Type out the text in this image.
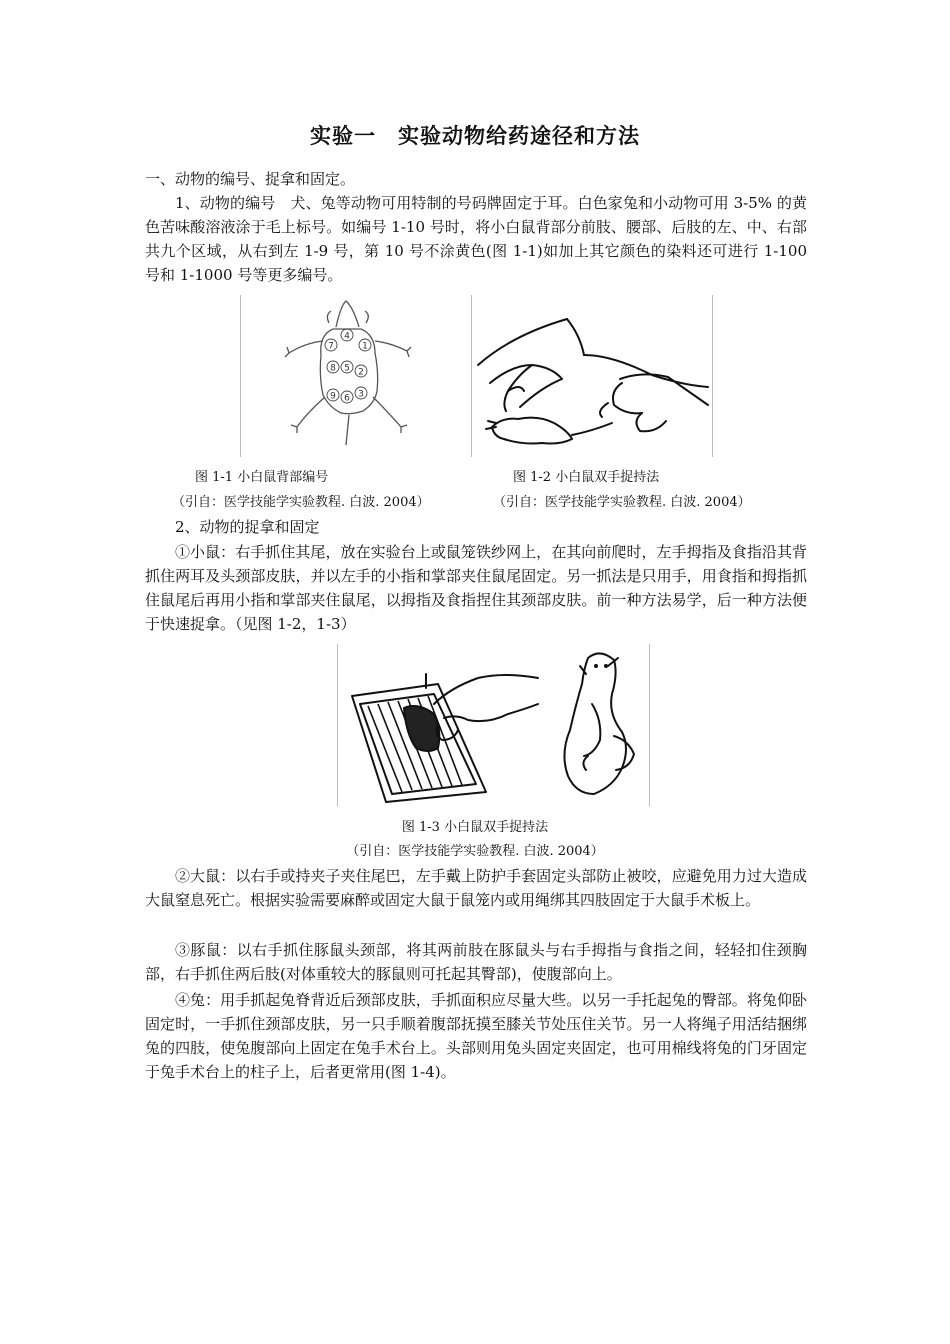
实验一　实验动物给药途径和方法

一、动物的编号、捉拿和固定。

1、动物的编号　犬、兔等动物可用特制的号码牌固定于耳。白色家兔和小动物可用 3-5% 的黄色苦味酸溶液涂于毛上标号。如编号 1-10 号时，将小白鼠背部分前肢、腰部、后肢的左、中、右部共九个区域，从右到左 1-9 号，第 10 号不涂黄色(图 1-1)如加上其它颜色的染料还可进行 1-100 号和 1-1000 号等更多编号。

4
7	1
8 5 2
9 6 3

图 1-1 小白鼠背部编号	图 1-2 小白鼠双手捉持法

（引自：医学技能学实验教程. 白波. 2004）	（引自：医学技能学实验教程. 白波. 2004）

2、动物的捉拿和固定

①小鼠：右手抓住其尾，放在实验台上或鼠笼铁纱网上，在其向前爬时，左手拇指及食指沿其背抓住两耳及头颈部皮肤，并以左手的小指和掌部夹住鼠尾固定。另一抓法是只用手，用食指和拇指抓住鼠尾后再用小指和掌部夹住鼠尾，以拇指及食指捏住其颈部皮肤。前一种方法易学，后一种方法便于快速捉拿。（见图 1-2，1-3）

图 1-3 小白鼠双手捉持法

（引自：医学技能学实验教程. 白波. 2004）

②大鼠：以右手或持夹子夹住尾巴，左手戴上防护手套固定头部防止被咬，应避免用力过大造成大鼠窒息死亡。根据实验需要麻醉或固定大鼠于鼠笼内或用绳绑其四肢固定于大鼠手术板上。

③豚鼠：以右手抓住豚鼠头颈部，将其两前肢在豚鼠头与右手拇指与食指之间，轻轻扣住颈胸部，右手抓住两后肢(对体重较大的豚鼠则可托起其臀部)，使腹部向上。

④兔：用手抓起兔脊背近后颈部皮肤，手抓面积应尽量大些。以另一手托起兔的臀部。将兔仰卧固定时，一手抓住颈部皮肤，另一只手顺着腹部抚摸至膝关节处压住关节。另一人将绳子用活结捆绑兔的四肢，使兔腹部向上固定在兔手术台上。头部则用兔头固定夹固定，也可用棉线将兔的门牙固定于兔手术台上的柱子上，后者更常用(图 1-4)。
